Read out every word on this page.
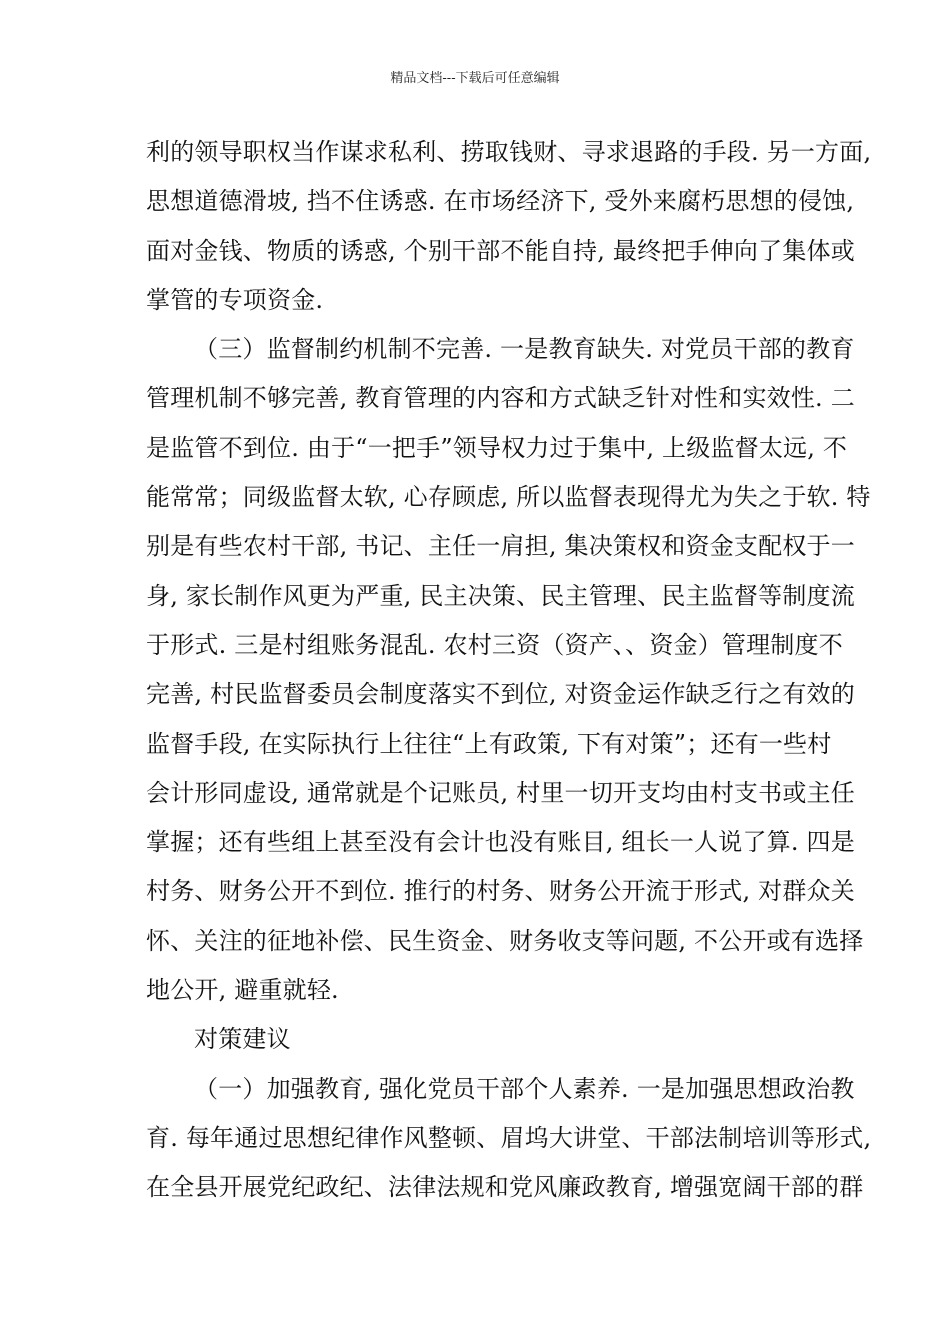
精品文档---下载后可任意编辑
利的领导职权当作谋求私利、捞取钱财、寻求退路的手段. 另一方面,
思想道德滑坡, 挡不住诱惑. 在市场经济下, 受外来腐朽思想的侵蚀,
面对金钱、物质的诱惑, 个别干部不能自持, 最终把手伸向了集体或
掌管的专项资金.
（三）监督制约机制不完善. 一是教育缺失. 对党员干部的教育
管理机制不够完善, 教育管理的内容和方式缺乏针对性和实效性. 二
是监管不到位. 由于“一把手”领导权力过于集中, 上级监督太远, 不
能常常；同级监督太软, 心存顾虑, 所以监督表现得尤为失之于软. 特
别是有些农村干部, 书记、主任一肩担, 集决策权和资金支配权于一
身, 家长制作风更为严重, 民主决策、民主管理、民主监督等制度流
于形式. 三是村组账务混乱. 农村三资（资产、、资金）管理制度不
完善, 村民监督委员会制度落实不到位, 对资金运作缺乏行之有效的
监督手段, 在实际执行上往往“上有政策, 下有对策”；还有一些村
会计形同虚设, 通常就是个记账员, 村里一切开支均由村支书或主任
掌握；还有些组上甚至没有会计也没有账目, 组长一人说了算. 四是
村务、财务公开不到位. 推行的村务、财务公开流于形式, 对群众关
怀、关注的征地补偿、民生资金、财务收支等问题, 不公开或有选择
地公开, 避重就轻.
对策建议
（一）加强教育, 强化党员干部个人素养. 一是加强思想政治教
育. 每年通过思想纪律作风整顿、眉坞大讲堂、干部法制培训等形式,
在全县开展党纪政纪、法律法规和党风廉政教育, 增强宽阔干部的群
